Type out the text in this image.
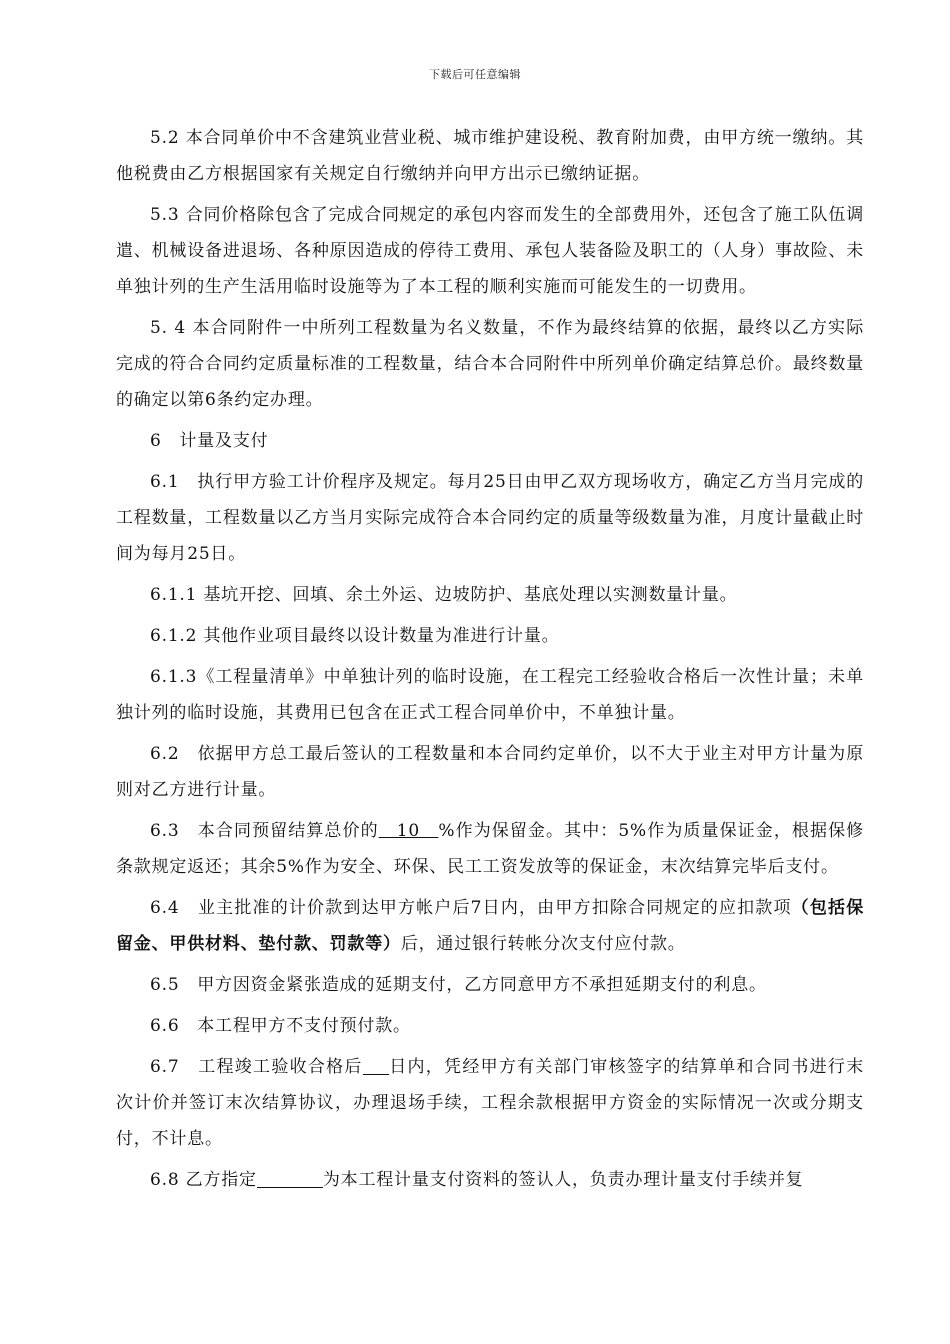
下载后可任意编辑

5.2 本合同单价中不含建筑业营业税、城市维护建设税、教育附加费，由甲方统一缴纳。其他税费由乙方根据国家有关规定自行缴纳并向甲方出示已缴纳证据。

5.3 合同价格除包含了完成合同规定的承包内容而发生的全部费用外，还包含了施工队伍调遣、机械设备进退场、各种原因造成的停待工费用、承包人装备险及职工的（人身）事故险、未单独计列的生产生活用临时设施等为了本工程的顺利实施而可能发生的一切费用。

5. 4 本合同附件一中所列工程数量为名义数量，不作为最终结算的依据，最终以乙方实际完成的符合合同约定质量标准的工程数量，结合本合同附件中所列单价确定结算总价。最终数量的确定以第6条约定办理。

6　计量及支付

6.1　执行甲方验工计价程序及规定。每月25日由甲乙双方现场收方，确定乙方当月完成的工程数量，工程数量以乙方当月实际完成符合本合同约定的质量等级数量为准，月度计量截止时间为每月25日。

6.1.1 基坑开挖、回填、余土外运、边坡防护、基底处理以实测数量计量。

6.1.2 其他作业项目最终以设计数量为准进行计量。

6.1.3《工程量清单》中单独计列的临时设施，在工程完工经验收合格后一次性计量；未单独计列的临时设施，其费用已包含在正式工程合同单价中，不单独计量。

6.2　依据甲方总工最后签认的工程数量和本合同约定单价，以不大于业主对甲方计量为原则对乙方进行计量。

6.3　本合同预留结算总价的　10　%作为保留金。其中：5%作为质量保证金，根据保修条款规定返还；其余5%作为安全、环保、民工工资发放等的保证金，末次结算完毕后支付。

6.4　业主批准的计价款到达甲方帐户后7日内，由甲方扣除合同规定的应扣款项（包括保留金、甲供材料、垫付款、罚款等）后，通过银行转帐分次支付应付款。

6.5　甲方因资金紧张造成的延期支付，乙方同意甲方不承担延期支付的利息。

6.6　本工程甲方不支付预付款。

6.7　工程竣工验收合格后 日内，凭经甲方有关部门审核签字的结算单和合同书进行末次计价并签订末次结算协议，办理退场手续，工程余款根据甲方资金的实际情况一次或分期支付，不计息。

6.8 乙方指定	为本工程计量支付资料的签认人，负责办理计量支付手续并复
